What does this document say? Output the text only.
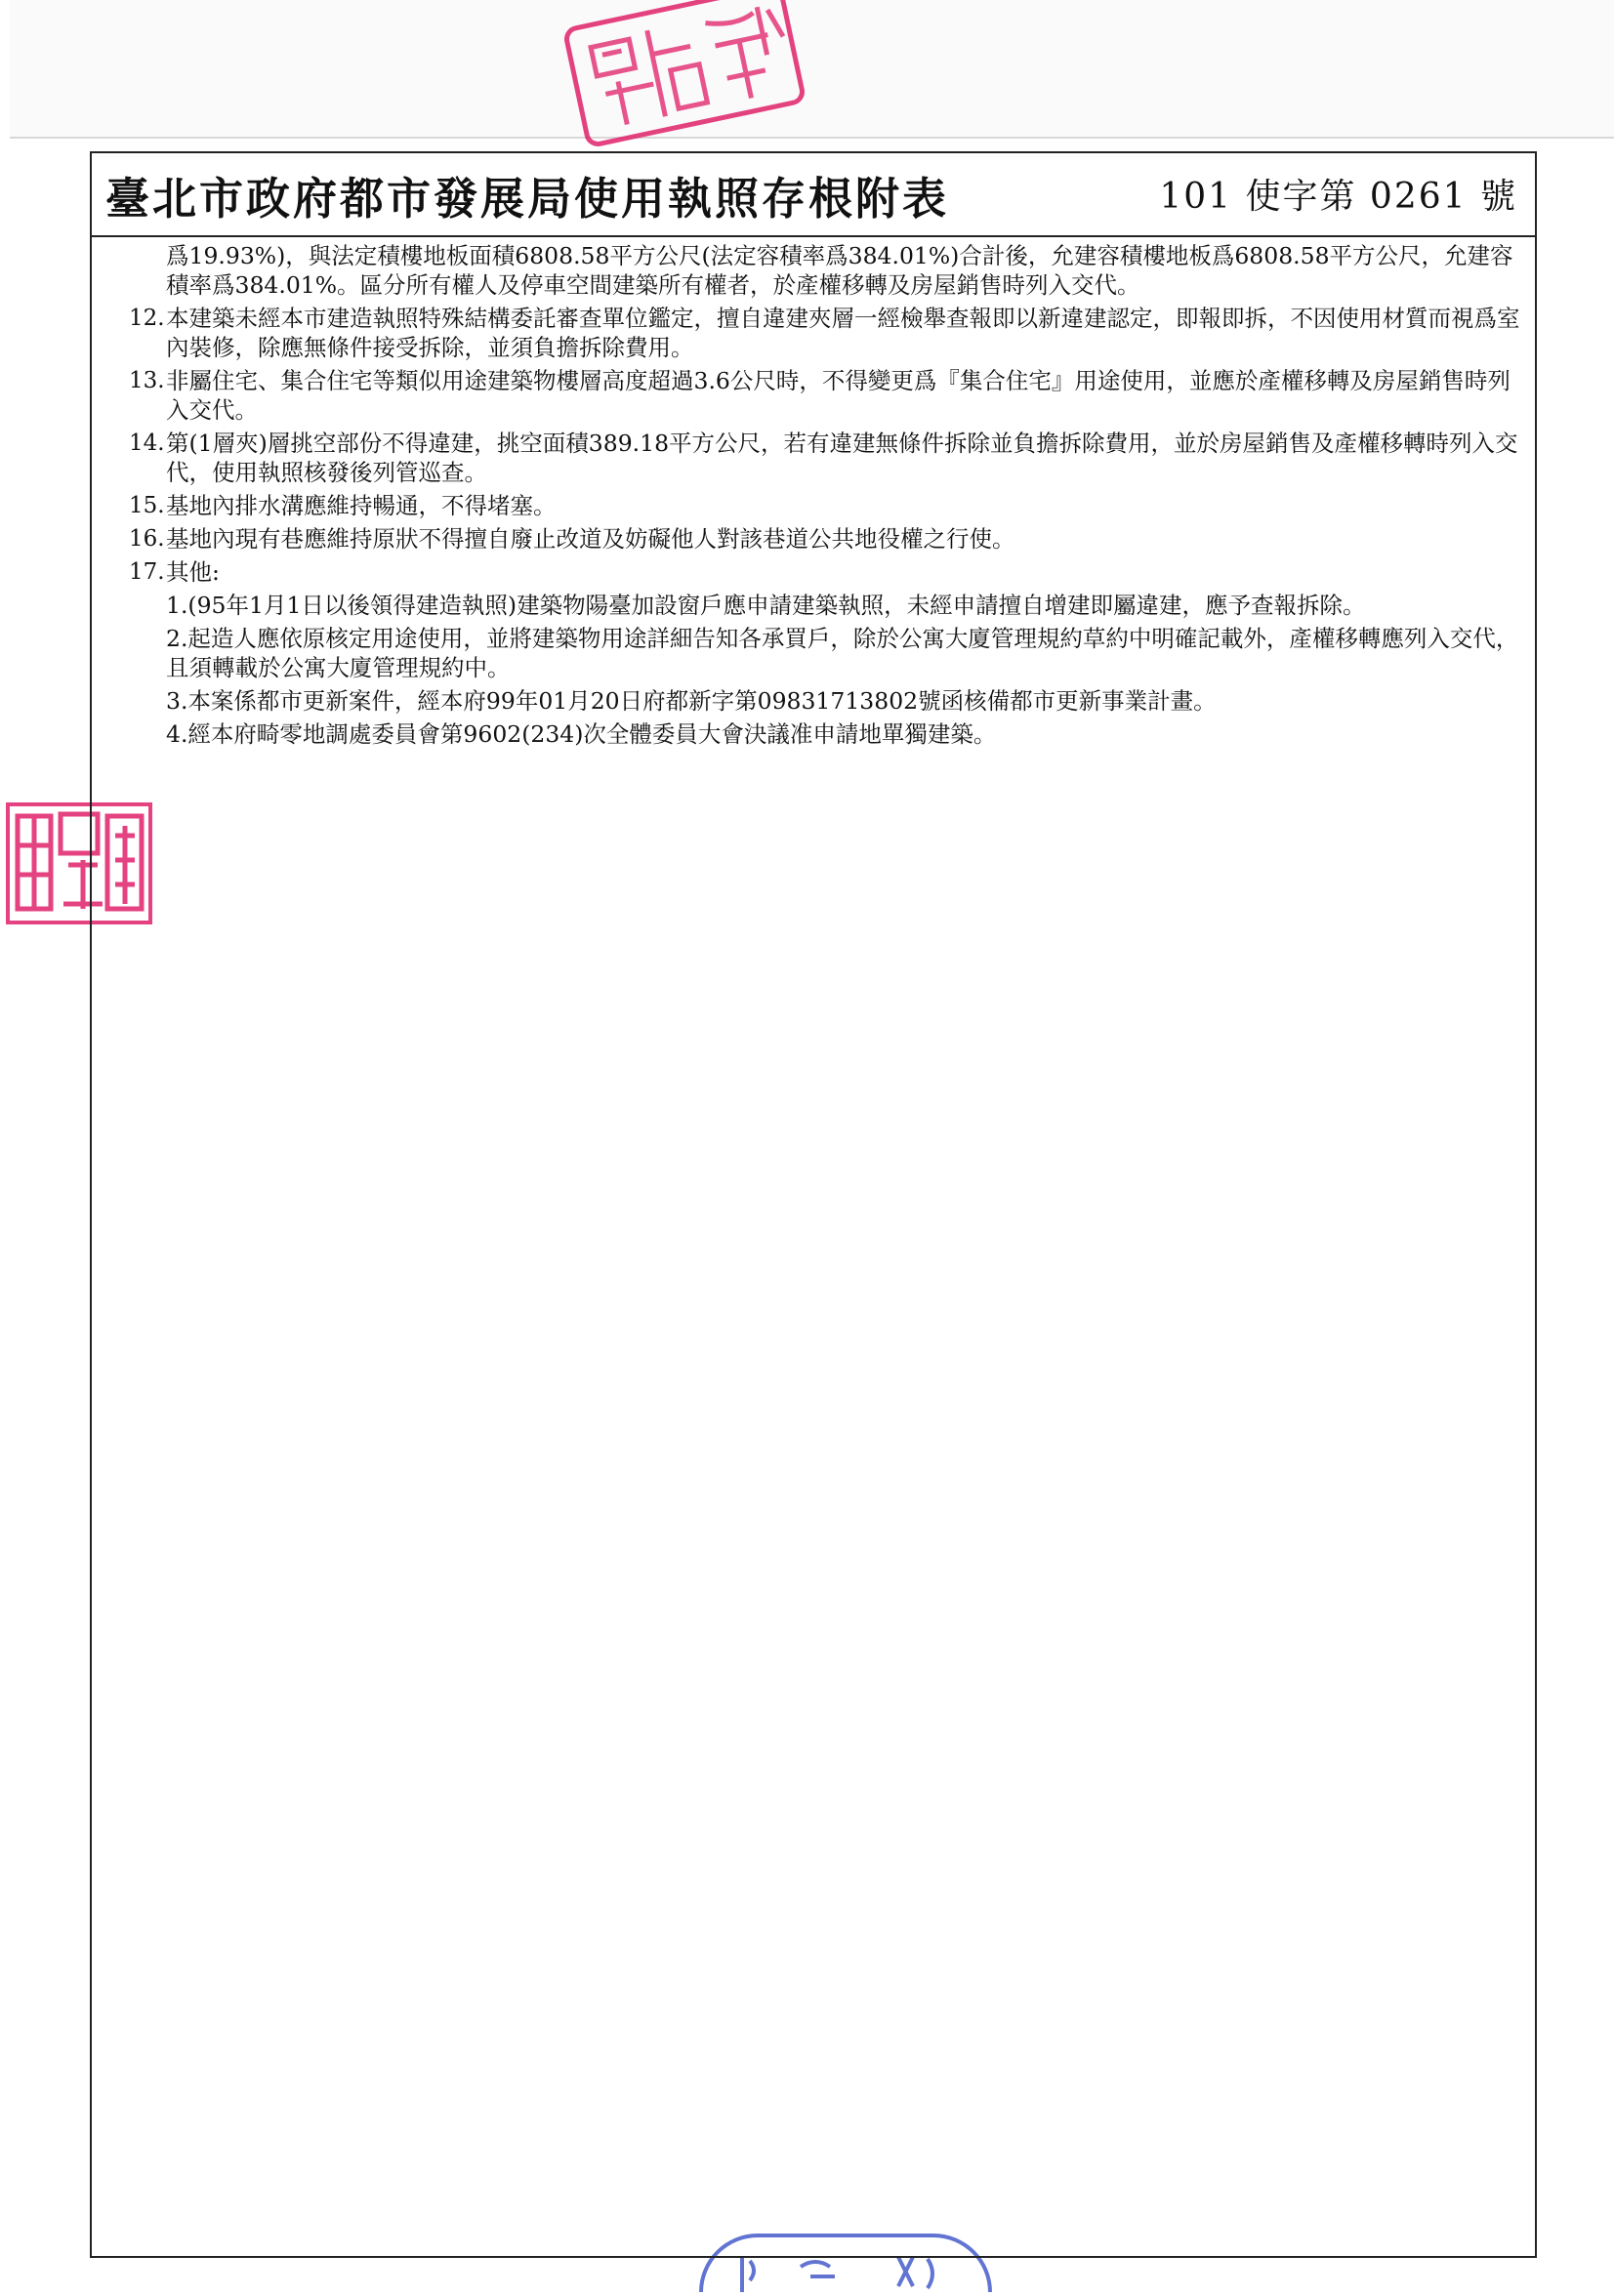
臺北市政府都市發展局使用執照存根附表	101 使字第 0261 號
爲19.93%)，與法定積樓地板面積6808.58平方公尺(法定容積率爲384.01%)合計後，允建容積樓地板爲6808.58平方公尺，允建容積率爲384.01%。區分所有權人及停車空間建築所有權者，於產權移轉及房屋銷售時列入交代。
12. 本建築未經本市建造執照特殊結構委託審查單位鑑定，擅自違建夾層一經檢舉查報即以新違建認定，即報即拆，不因使用材質而視爲室內裝修，除應無條件接受拆除，並須負擔拆除費用。
13. 非屬住宅、集合住宅等類似用途建築物樓層高度超過3.6公尺時，不得變更爲『集合住宅』用途使用，並應於產權移轉及房屋銷售時列入交代。
14. 第(1層夾)層挑空部份不得違建，挑空面積389.18平方公尺，若有違建無條件拆除並負擔拆除費用，並於房屋銷售及產權移轉時列入交代，使用執照核發後列管巡查。
15. 基地內排水溝應維持暢通，不得堵塞。
16. 基地內現有巷應維持原狀不得擅自廢止改道及妨礙他人對該巷道公共地役權之行使。
17. 其他:
1.(95年1月1日以後領得建造執照)建築物陽臺加設窗戶應申請建築執照，未經申請擅自增建即屬違建，應予查報拆除。
2.起造人應依原核定用途使用，並將建築物用途詳細告知各承買戶，除於公寓大廈管理規約草約中明確記載外，產權移轉應列入交代，且須轉載於公寓大廈管理規約中。
3.本案係都市更新案件，經本府99年01月20日府都新字第09831713802號函核備都市更新事業計畫。
4.經本府畸零地調處委員會第9602(234)次全體委員大會決議准申請地單獨建築。
